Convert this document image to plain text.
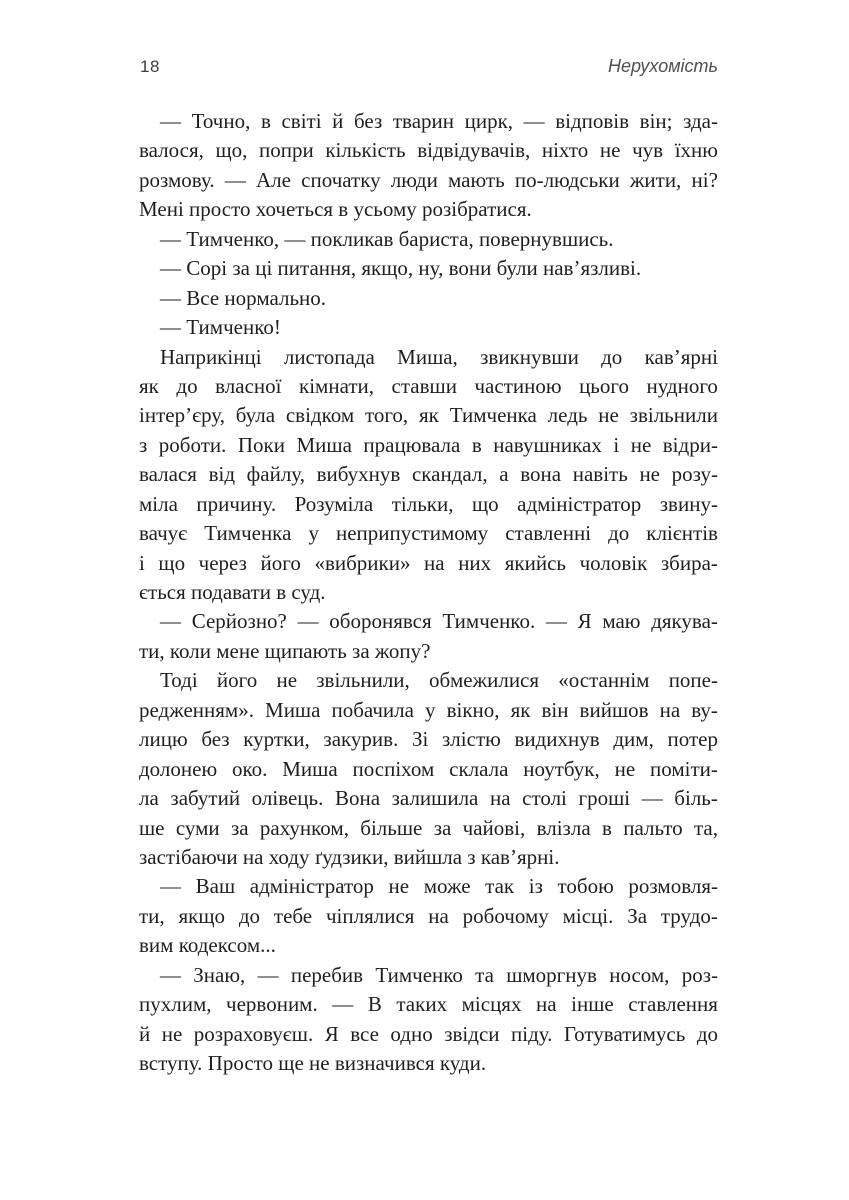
18	Нерухомість
— Точно, в світі й без тварин цирк, — відповів він; зда-
валося, що, попри кількість відвідувачів, ніхто не чув їхню
розмову. — Але спочатку люди мають по-людськи жити, ні?
Мені просто хочеться в усьому розібратися.
— Тимченко, — покликав бариста, повернувшись.
— Сорі за ці питання, якщо, ну, вони були нав’язливі.
— Все нормально.
— Тимченко!
Наприкінці листопада Миша, звикнувши до кав’ярні
як до власної кімнати, ставши частиною цього нудного
інтер’єру, була свідком того, як Тимченка ледь не звільнили
з роботи. Поки Миша працювала в навушниках і не відри-
валася від файлу, вибухнув скандал, а вона навіть не розу-
міла причину. Розуміла тільки, що адміністратор звину-
вачує Тимченка у неприпустимому ставленні до клієнтів
і що через його «вибрики» на них якийсь чоловік збира-
ється подавати в суд.
— Серйозно? — оборонявся Тимченко. — Я маю дякува-
ти, коли мене щипають за жопу?
Тоді його не звільнили, обмежилися «останнім попе-
редженням». Миша побачила у вікно, як він вийшов на ву-
лицю без куртки, закурив. Зі злістю видихнув дим, потер
долонею око. Миша поспіхом склала ноутбук, не поміти-
ла забутий олівець. Вона залишила на столі гроші — біль-
ше суми за рахунком, більше за чайові, влізла в пальто та,
застібаючи на ходу ґудзики, вийшла з кав’ярні.
— Ваш адміністратор не може так із тобою розмовля-
ти, якщо до тебе чіплялися на робочому місці. За трудо-
вим кодексом...
— Знаю, — перебив Тимченко та шморгнув носом, роз-
пухлим, червоним. — В таких місцях на інше ставлення
й не розраховуєш. Я все одно звідси піду. Готуватимусь до
вступу. Просто ще не визначився куди.
